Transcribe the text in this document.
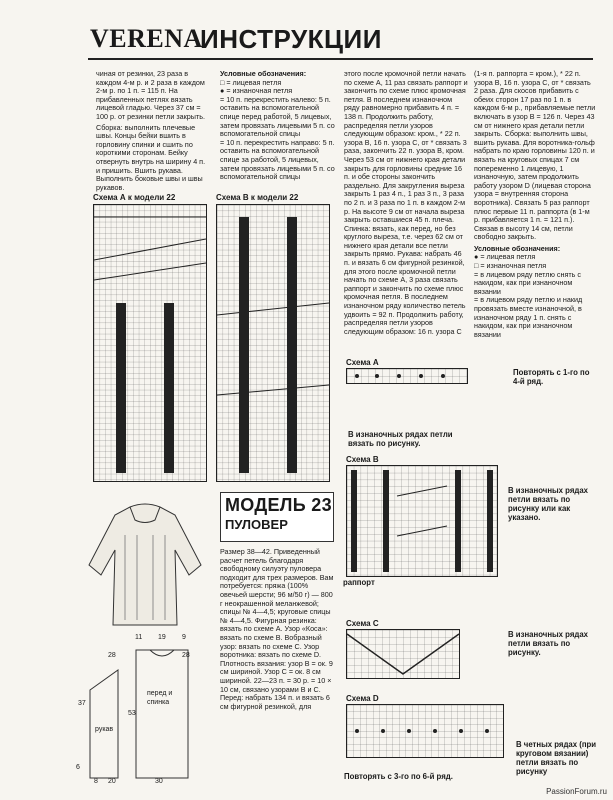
VERENA
ИНСТРУКЦИИ

чиная от резинки, 23 раза в каждом 4-м р. и 2 раза в каждом 2-м р. по 1 п. = 115 п. На прибавленных петлях вязать лицевой гладью. Через 37 см = 100 р. от резинки петли закрыть.

Сборка: выполнить плечевые швы. Концы бейки вшить в горловину спинки и сшить по короткими сторонам. Бейку отвернуть внутрь на ширину 4 п. и пришить. Вшить рукава. Выполнить боковые швы и швы рукавов.

Условные обозначения:

□ = лицевая петля

● = изнаночная петля

= 10 п. перекрестить налево: 5 п. оставить на вспомогательной спице перед работой, 5 лицевых, затем провязать лицевыми 5 п. со вспомогательной спицы

= 10 п. перекрестить направо: 5 п. оставить на вспомогательной спице за работой, 5 лицевых, затем провязать лицевыми 5 п. со вспомогательной спицы

этого после кромочной петли начать по схеме А, 11 раз связать раппорт и закончить по схеме плюс кромочная петля. В последнем изнаночном ряду равномерно прибавить 4 п. = 138 п. Продолжить работу, распределяя петли узоров следующим образом: кром., * 22 п. узора В, 16 п. узора С, от * связать 3 раза, закончить 22 п. узора В, кром. Через 53 см от нижнего края детали закрыть для горловины средние 16 п. и обе стороны закончить раздельно. Для закругления выреза закрыть 1 раз 4 п., 1 раз 3 п., 3 раза по 2 п. и 3 раза по 1 п. в каждом 2-м р. На высоте 9 см от начала выреза закрыть оставшиеся 45 п. плеча. Спинка: вязать, как перед, но без круглого выреза, т.е. через 62 см от нижнего края детали все петли закрыть прямо. Рукава: набрать 46 п. и вязать 6 см фигурной резинкой, для этого после кромочной петли начать по схеме А, 3 раза связать раппорт и закончить по схеме плюс кромочная петля. В последнем изнаночном ряду количество петель удвоить = 92 п. Продолжить работу, распределяя петли узоров следующим образом: 16 п. узора С

(1-я п. раппорта = кром.), * 22 п. узора В, 16 п. узора С, от * связать 2 раза. Для скосов прибавить с обеих сторон 17 раз по 1 п. в каждом 6-м р., прибавляемые петли включать в узор В = 126 п. Через 43 см от нижнего края детали петли закрыть. Сборка: выполнить швы, вшить рукава. Для воротника-гольф набрать по краю горловины 120 п. и вязать на круговых спицах 7 см попеременно 1 лицевую, 1 изнаночную, затем продолжить работу узором D (лицевая сторона узора = внутренняя сторона воротника). Связать 5 раз раппорт плюс первые 11 п. раппорта (в 1-м р. прибавляется 1 п. = 121 п.). Связав в высоту 14 см, петли свободно закрыть.

Условные обозначения:

● = лицевая петля

□ = изнаночная петля

= в лицевом ряду петлю снять с накидом, как при изнаночном вязании

= в лицевом ряду петлю и накид провязать вместе изнаночной, в изнаночном ряду 1 п. снять с накидом, как при изнаночном вязании

Схема А к модели 22	Схема В к модели 22
МОДЕЛЬ 23
ПУЛОВЕР

Размер 38—42. Приведенный расчет петель благодаря свободному силуэту пуловера подходит для трех размеров. Вам потребуется: пряжа (100% овечьей шерсти; 96 м/50 г) — 800 г неокрашенной меланжевой; спицы № 4—4,5; круговые спицы № 4—4,5. Фигурная резинка: вязать по схеме А. Узор «Коса»: вязать по схеме B. Вобразный узор: вязать по схеме С. Узор воротника: вязать по схеме D. Плотность вязания: узор В = ок. 9 см шириной. Узор С = ок. 8 см шириной. 22—23 п. = 30 р. = 10 × 10 см, связано узорами В и С. Перед: набрать 134 п. и вязать 6 см фигурной резинкой, для

28	28
37
53
рукав
перед и спинка
11 19 9
6
20
8	30
Схема А
Повторять с 1-го по 4-й ряд.
В изнаночных рядах петли вязать по рисунку.
Схема B
раппорт
В изнаночных рядах петли вязать по рисунку или как указано.
Схема С
В изнаночных рядах петли вязать по рисунку.
Схема D
Повторять с 3-го по 6-й ряд.
В четных рядах (при круговом вязании) петли вязать по рисунку
PassionForum.ru
